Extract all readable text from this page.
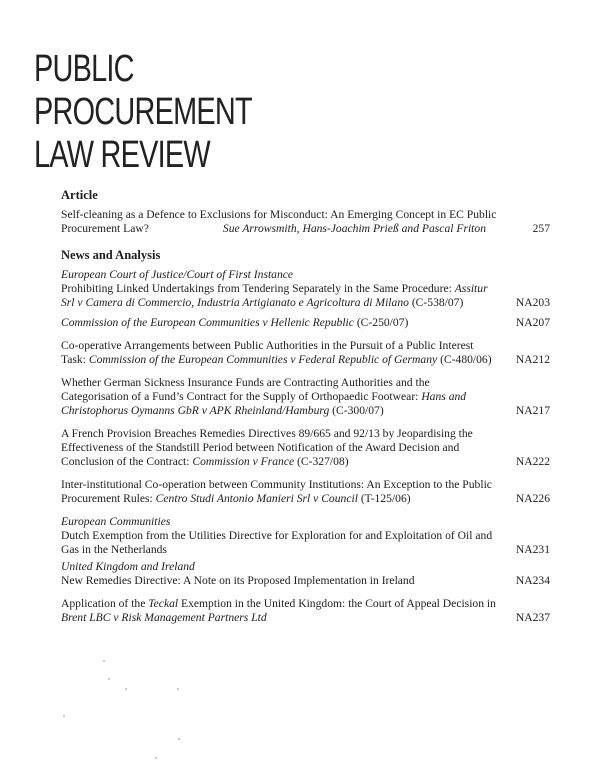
PUBLIC
PROCUREMENT
LAW REVIEW
Article
Self-cleaning as a Defence to Exclusions for Misconduct: An Emerging Concept in EC Public
Procurement Law?	Sue Arrowsmith, Hans-Joachim Prieß and Pascal Friton	257
News and Analysis
European Court of Justice/Court of First Instance
Prohibiting Linked Undertakings from Tendering Separately in the Same Procedure: Assitur Srl v Camera di Commercio, Industria Artigianato e Agricoltura di Milano (C-538/07)	NA203
Commission of the European Communities v Hellenic Republic (C-250/07)	NA207
Co-operative Arrangements between Public Authorities in the Pursuit of a Public Interest Task: Commission of the European Communities v Federal Republic of Germany (C-480/06)	NA212
Whether German Sickness Insurance Funds are Contracting Authorities and the Categorisation of a Fund’s Contract for the Supply of Orthopaedic Footwear: Hans and Christophorus Oymanns GbR v APK Rheinland/Hamburg (C-300/07)	NA217
A French Provision Breaches Remedies Directives 89/665 and 92/13 by Jeopardising the Effectiveness of the Standstill Period between Notification of the Award Decision and Conclusion of the Contract: Commission v France (C-327/08)	NA222
Inter-institutional Co-operation between Community Institutions: An Exception to the Public Procurement Rules: Centro Studi Antonio Manieri Srl v Council (T-125/06)	NA226
European Communities
Dutch Exemption from the Utilities Directive for Exploration for and Exploitation of Oil and Gas in the Netherlands	NA231
United Kingdom and Ireland
New Remedies Directive: A Note on its Proposed Implementation in Ireland	NA234
Application of the Teckal Exemption in the United Kingdom: the Court of Appeal Decision in Brent LBC v Risk Management Partners Ltd	NA237
